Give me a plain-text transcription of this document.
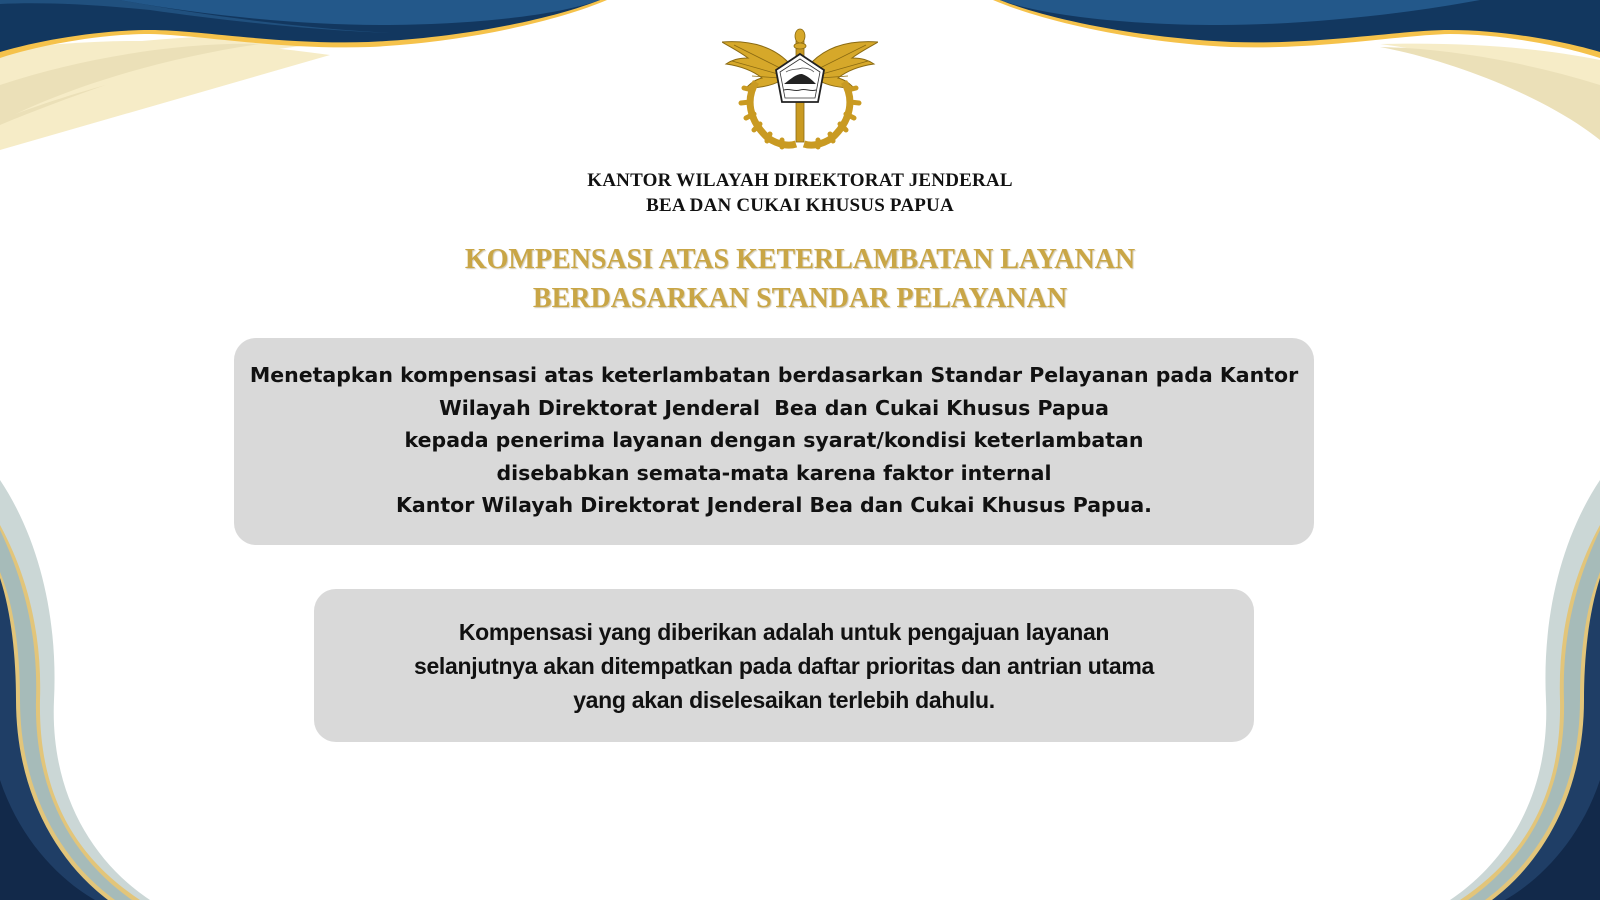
KANTOR WILAYAH DIREKTORAT JENDERAL
BEA DAN CUKAI KHUSUS PAPUA
KOMPENSASI ATAS KETERLAMBATAN LAYANAN
BERDASARKAN STANDAR PELAYANAN
Menetapkan kompensasi atas keterlambatan berdasarkan Standar Pelayanan pada Kantor
Wilayah Direktorat Jenderal  Bea dan Cukai Khusus Papua
kepada penerima layanan dengan syarat/kondisi keterlambatan
disebabkan semata-mata karena faktor internal
Kantor Wilayah Direktorat Jenderal Bea dan Cukai Khusus Papua.
Kompensasi yang diberikan adalah untuk pengajuan layanan
selanjutnya akan ditempatkan pada daftar prioritas dan antrian utama
yang akan diselesaikan terlebih dahulu.
